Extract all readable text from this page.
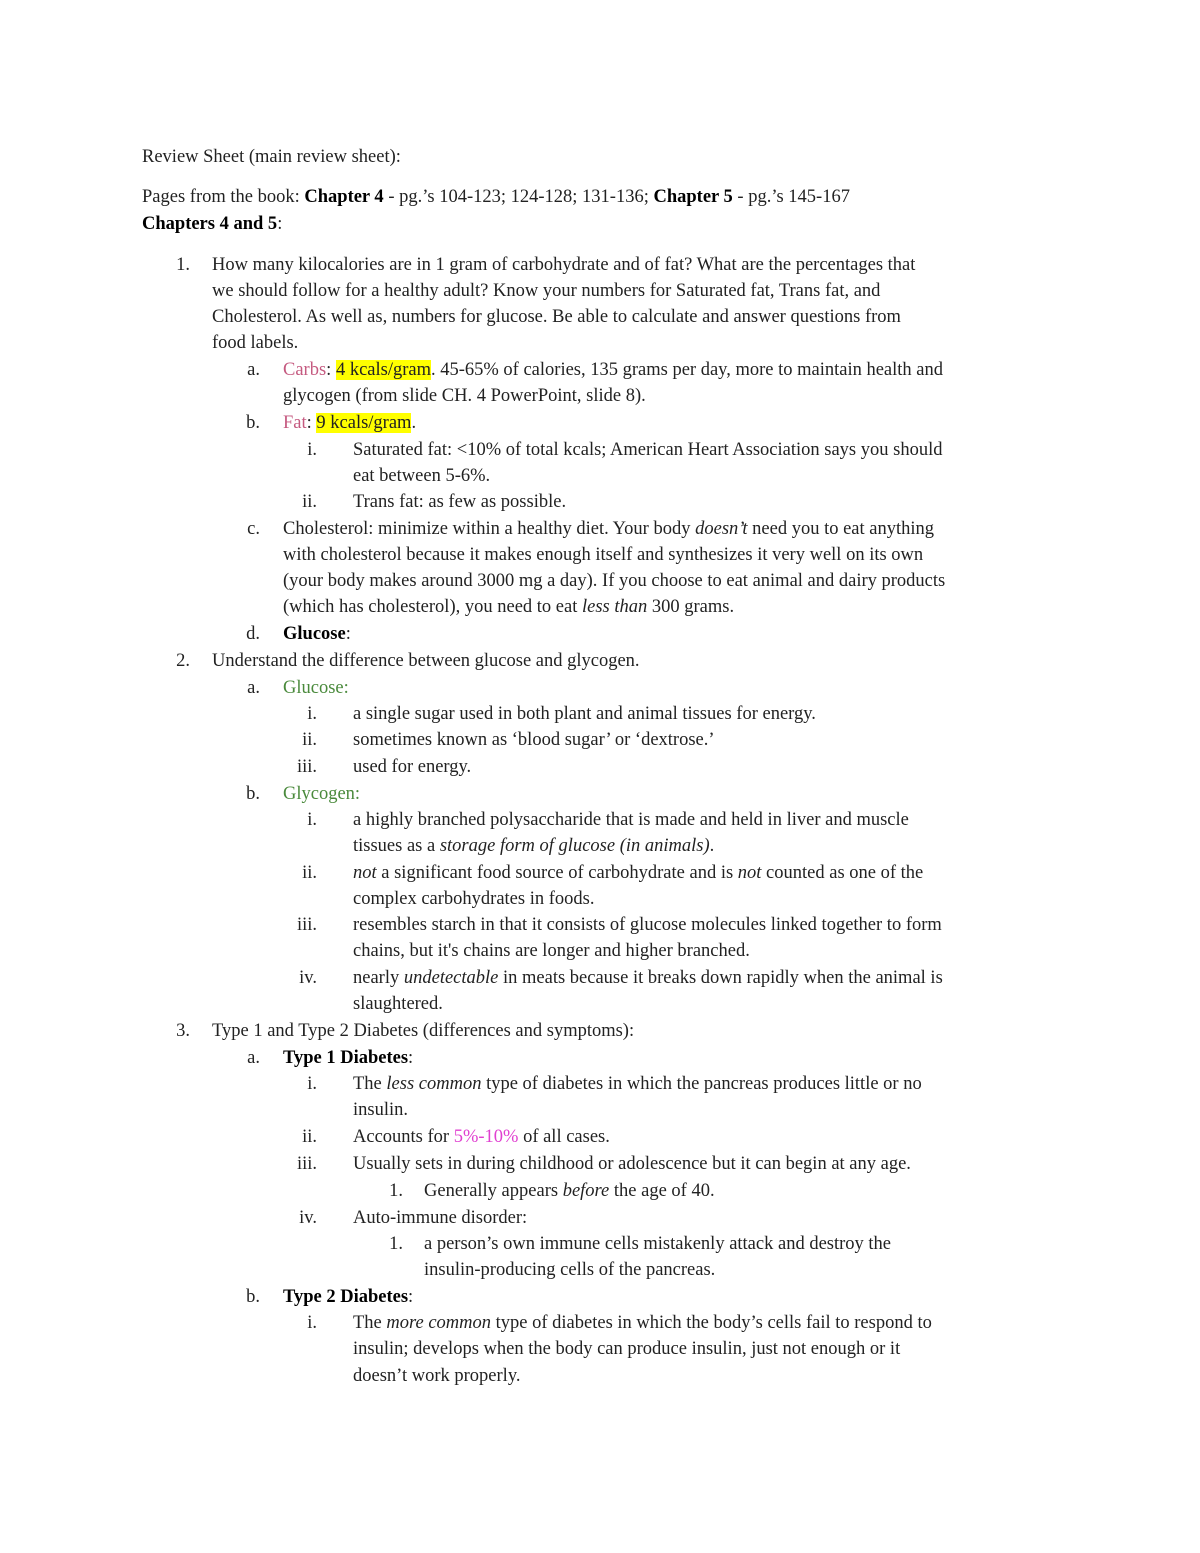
Review Sheet (main review sheet):
Pages from the book: Chapter 4 - pg.’s 104-123; 124-128; 131-136; Chapter 5 - pg.’s 145-167
Chapters 4 and 5:
1. How many kilocalories are in 1 gram of carbohydrate and of fat? What are the percentages that
we should follow for a healthy adult? Know your numbers for Saturated fat, Trans fat, and
Cholesterol. As well as, numbers for glucose. Be able to calculate and answer questions from
food labels.
a. Carbs: 4 kcals/gram. 45-65% of calories, 135 grams per day, more to maintain health and
glycogen (from slide CH. 4 PowerPoint, slide 8).
b. Fat: 9 kcals/gram.
i. Saturated fat: <10% of total kcals; American Heart Association says you should
eat between 5-6%.
ii. Trans fat: as few as possible.
c. Cholesterol: minimize within a healthy diet. Your body doesn’t need you to eat anything
with cholesterol because it makes enough itself and synthesizes it very well on its own
(your body makes around 3000 mg a day). If you choose to eat animal and dairy products
(which has cholesterol), you need to eat less than 300 grams.
d. Glucose:
2. Understand the difference between glucose and glycogen.
a. Glucose:
i. a single sugar used in both plant and animal tissues for energy.
ii. sometimes known as ‘blood sugar’ or ‘dextrose.’
iii. used for energy.
b. Glycogen:
i. a highly branched polysaccharide that is made and held in liver and muscle
tissues as a storage form of glucose (in animals).
ii. not a significant food source of carbohydrate and is not counted as one of the
complex carbohydrates in foods.
iii. resembles starch in that it consists of glucose molecules linked together to form
chains, but it's chains are longer and higher branched.
iv. nearly undetectable in meats because it breaks down rapidly when the animal is
slaughtered.
3. Type 1 and Type 2 Diabetes (differences and symptoms):
a. Type 1 Diabetes:
i. The less common type of diabetes in which the pancreas produces little or no
insulin.
ii. Accounts for 5%-10% of all cases.
iii. Usually sets in during childhood or adolescence but it can begin at any age.
1. Generally appears before the age of 40.
iv. Auto-immune disorder:
1. a person’s own immune cells mistakenly attack and destroy the
insulin-producing cells of the pancreas.
b. Type 2 Diabetes:
i. The more common type of diabetes in which the body’s cells fail to respond to
insulin; develops when the body can produce insulin, just not enough or it
doesn’t work properly.
